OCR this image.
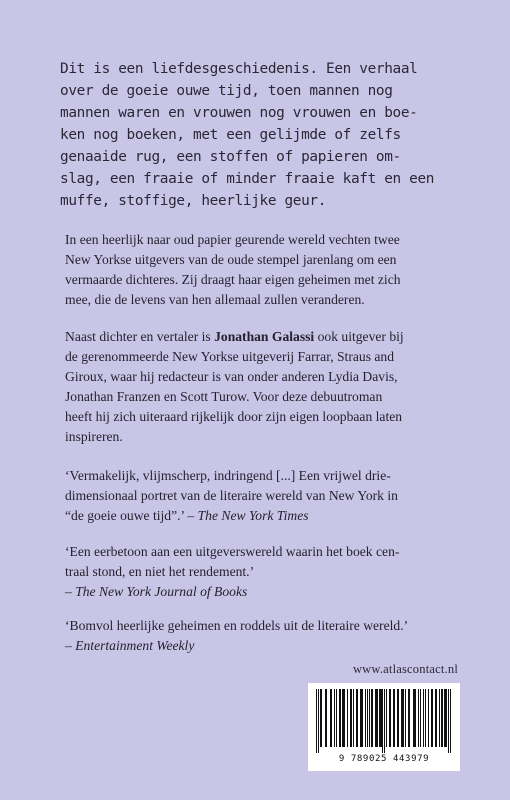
Dit is een liefdesgeschiedenis. Een verhaal
over de goeie ouwe tijd, toen mannen nog
mannen waren en vrouwen nog vrouwen en boe-
ken nog boeken, met een gelijmde of zelfs
genaaide rug, een stoffen of papieren om-
slag, een fraaie of minder fraaie kaft en een
muffe, stoffige, heerlijke geur.
In een heerlijk naar oud papier geurende wereld vechten twee
New Yorkse uitgevers van de oude stempel jarenlang om een
vermaarde dichteres. Zij draagt haar eigen geheimen met zich
mee, die de levens van hen allemaal zullen veranderen.
Naast dichter en vertaler is Jonathan Galassi ook uitgever bij
de gerenommeerde New Yorkse uitgeverij Farrar, Straus and
Giroux, waar hij redacteur is van onder anderen Lydia Davis,
Jonathan Franzen en Scott Turow. Voor deze debuutroman
heeft hij zich uiteraard rijkelijk door zijn eigen loopbaan laten
inspireren.
‘Vermakelijk, vlijmscherp, indringend [...] Een vrijwel drie-
dimensionaal portret van de literaire wereld van New York in
“de goeie ouwe tijd”.’ – The New York Times
‘Een eerbetoon aan een uitgeverswereld waarin het boek cen-
traal stond, en niet het rendement.’
– The New York Journal of Books
‘Bomvol heerlijke geheimen en roddels uit de literaire wereld.’
– Entertainment Weekly
www.atlascontact.nl
9 789025 443979
